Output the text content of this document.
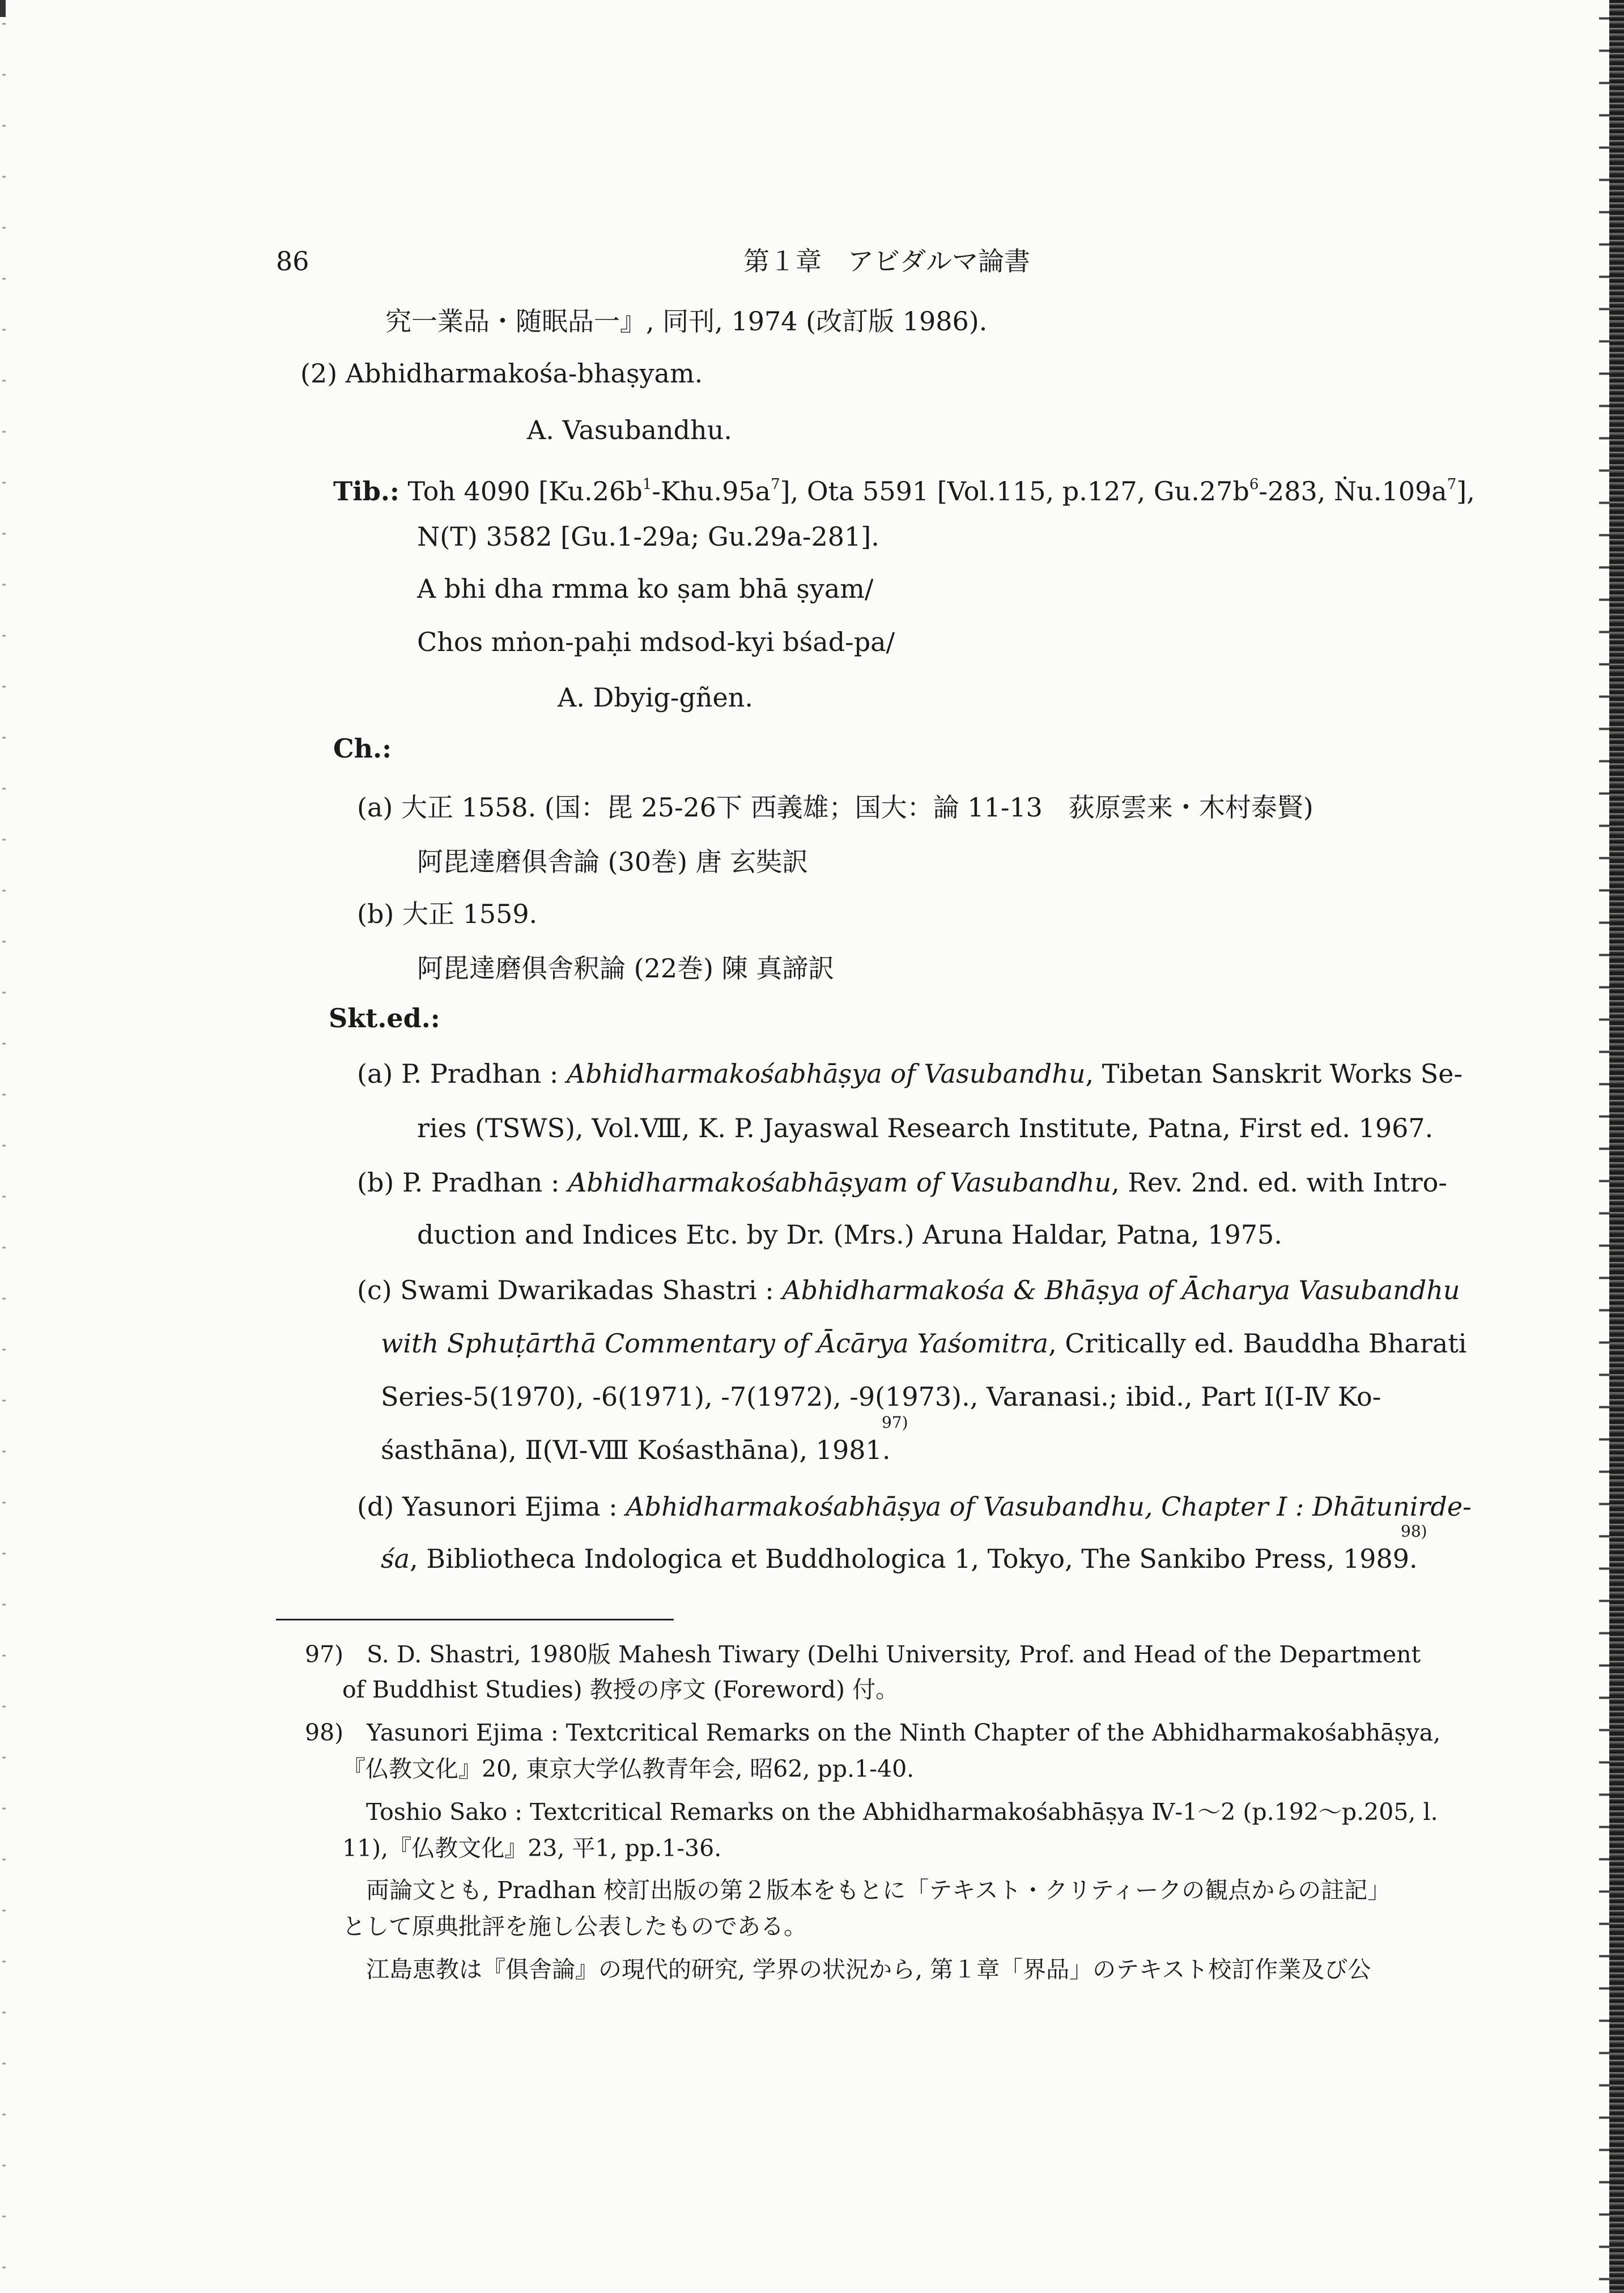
86	第１章　アビダルマ論書
究一業品・随眠品一』, 同刊, 1974 (改訂版 1986).
(2) Abhidharmakośa-bhaṣyam.
A. Vasubandhu.
Tib.: Toh 4090 $[Ku.26b^1-Khu.95a^7]$, Ota 5591 [Vol.115, p.127, $Gu.27b^6-283$, $Ṅu.109a^7$],
N(T) 3582 [Gu.1-29a; Gu.29a-281].
A bhi dha rmma ko ṣam bhā ṣyam/
Chos mṅon-paḥi mdsod-kyi bśad-pa/
A. Dbyig-gñen.
Ch.:
(a) 大正 1558. (国：毘 25-26下 西義雄；国大：論 11-13　荻原雲来・木村泰賢)
阿毘達磨俱舎論 (30巻) 唐 玄奘訳
(b) 大正 1559.
阿毘達磨俱舎釈論 (22巻) 陳 真諦訳
Skt.ed.:
(a) P. Pradhan : Abhidharmakośabhāṣya of Vasubandhu, Tibetan Sanskrit Works Se-
ries (TSWS), Vol.Ⅷ, K. P. Jayaswal Research Institute, Patna, First ed. 1967.
(b) P. Pradhan : Abhidharmakośabhāṣyam of Vasubandhu, Rev. 2nd. ed. with Intro-
duction and Indices Etc. by Dr. (Mrs.) Aruna Haldar, Patna, 1975.
(c) Swami Dwarikadas Shastri : Abhidharmakośa & Bhāṣya of Ācharya Vasubandhu
with Sphuṭārthā Commentary of Ācārya Yaśomitra, Critically ed. Bauddha Bharati
Series-5(1970), -6(1971), -7(1972), -9(1973)., Varanasi.; ibid., Part Ⅰ(Ⅰ-Ⅳ Ko-
śasthāna), Ⅱ(Ⅵ-Ⅷ Kośasthāna), 1981.
97)
(d) Yasunori Ejima : Abhidharmakośabhāṣya of Vasubandhu, Chapter I : Dhātunirde-
śa, Bibliotheca Indologica et Buddhologica 1, Tokyo, The Sankibo Press, 1989.
98)
97)　S. D. Shastri, 1980版 Mahesh Tiwary (Delhi University, Prof. and Head of the Department
of Buddhist Studies) 教授の序文 (Foreword) 付。
98)　Yasunori Ejima : Textcritical Remarks on the Ninth Chapter of the Abhidharmakośabhāṣya,
『仏教文化』20, 東京大学仏教青年会, 昭62, pp.1-40.
Toshio Sako : Textcritical Remarks on the Abhidharmakośabhāṣya Ⅳ-1〜2 (p.192〜p.205, l.
11),『仏教文化』23, 平1, pp.1-36.
両論文とも, Pradhan 校訂出版の第２版本をもとに「テキスト・クリティークの観点からの註記」
として原典批評を施し公表したものである。
江島恵教は『俱舎論』の現代的研究, 学界の状況から, 第１章「界品」のテキスト校訂作業及び公
